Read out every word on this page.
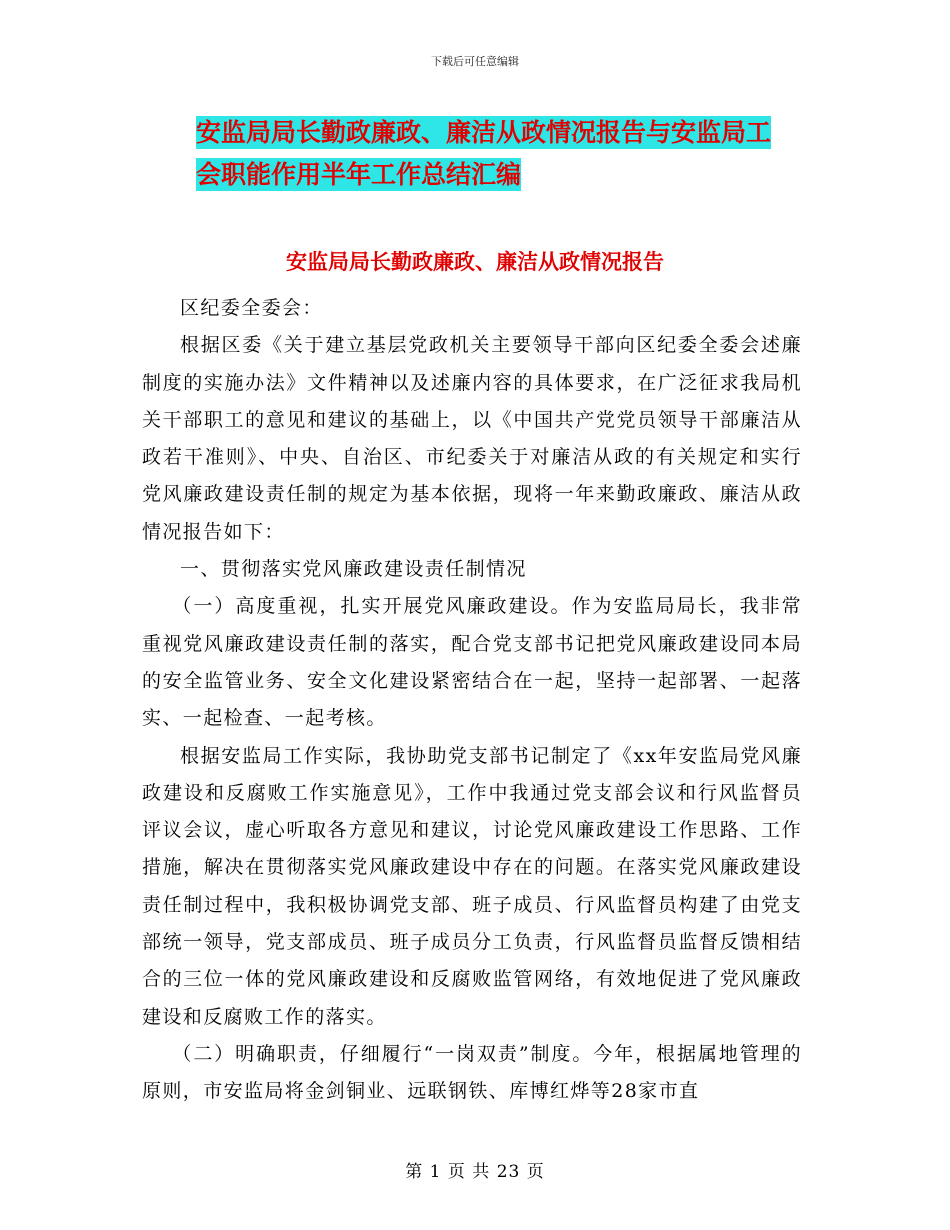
下载后可任意编辑
安监局局长勤政廉政、廉洁从政情况报告与安监局工
会职能作用半年工作总结汇编
安监局局长勤政廉政、廉洁从政情况报告

区纪委全委会：

根据区委《关于建立基层党政机关主要领导干部向区纪委全委会述廉制度的实施办法》文件精神以及述廉内容的具体要求，在广泛征求我局机关干部职工的意见和建议的基础上，以《中国共产党党员领导干部廉洁从政若干准则》、中央、自治区、市纪委关于对廉洁从政的有关规定和实行党风廉政建设责任制的规定为基本依据，现将一年来勤政廉政、廉洁从政情况报告如下：

一、贯彻落实党风廉政建设责任制情况

（一）高度重视，扎实开展党风廉政建设。作为安监局局长，我非常重视党风廉政建设责任制的落实，配合党支部书记把党风廉政建设同本局的安全监管业务、安全文化建设紧密结合在一起，坚持一起部署、一起落实、一起检查、一起考核。

根据安监局工作实际，我协助党支部书记制定了《xx年安监局党风廉政建设和反腐败工作实施意见》，工作中我通过党支部会议和行风监督员评议会议，虚心听取各方意见和建议，讨论党风廉政建设工作思路、工作措施，解决在贯彻落实党风廉政建设中存在的问题。在落实党风廉政建设责任制过程中，我积极协调党支部、班子成员、行风监督员构建了由党支部统一领导，党支部成员、班子成员分工负责，行风监督员监督反馈相结合的三位一体的党风廉政建设和反腐败监管网络，有效地促进了党风廉政建设和反腐败工作的落实。

（二）明确职责，仔细履行“一岗双责”制度。今年，根据属地管理的原则，市安监局将金剑铜业、远联钢铁、库博红烨等28家市直

第 1 页 共 23 页
